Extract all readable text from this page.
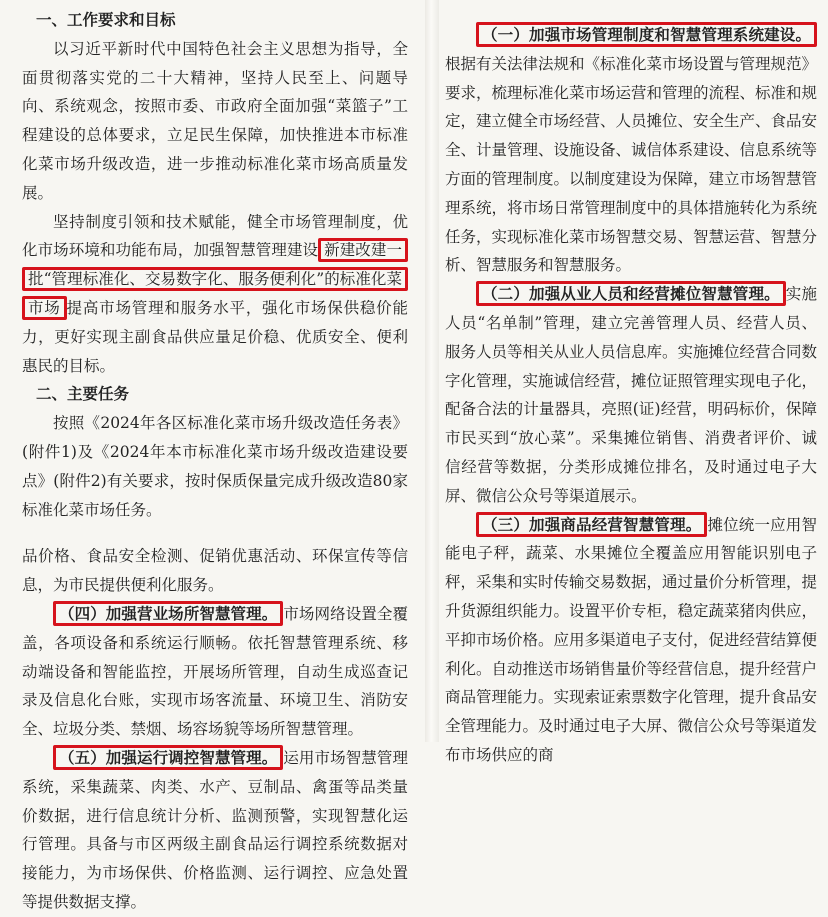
一、工作要求和目标

以习近平新时代中国特色社会主义思想为指导，全面贯彻落实党的二十大精神，坚持人民至上、问题导向、系统观念，按照市委、市政府全面加强“菜篮子”工程建设的总体要求，立足民生保障，加快推进本市标准化菜市场升级改造，进一步推动标准化菜市场高质量发展。

坚持制度引领和技术赋能，健全市场管理制度，优化市场环境和功能布局，加强智慧管理建设 新建改建一批“管理标准化、交易数字化、服务便利化”的标准化菜市场 提高市场管理和服务水平，强化市场保供稳价能力，更好实现主副食品供应量足价稳、优质安全、便利惠民的目标。

二、主要任务

按照《2024年各区标准化菜市场升级改造任务表》(附件1)及《2024年本市标准化菜市场升级改造建设要点》(附件2)有关要求，按时保质保量完成升级改造80家标准化菜市场任务。

品价格、食品安全检测、促销优惠活动、环保宣传等信息，为市民提供便利化服务。

（四）加强营业场所智慧管理。 市场网络设置全覆盖，各项设备和系统运行顺畅。依托智慧管理系统、移动端设备和智能监控，开展场所管理，自动生成巡查记录及信息化台账，实现市场客流量、环境卫生、消防安全、垃圾分类、禁烟、场容场貌等场所智慧管理。

（五）加强运行调控智慧管理。 运用市场智慧管理系统，采集蔬菜、肉类、水产、豆制品、禽蛋等品类量价数据，进行信息统计分析、监测预警，实现智慧化运行管理。具备与市区两级主副食品运行调控系统数据对接能力，为市场保供、价格监测、运行调控、应急处置等提供数据支撑。

（一）加强市场管理制度和智慧管理系统建设。根据有关法律法规和《标准化菜市场设置与管理规范》要求，梳理标准化菜市场运营和管理的流程、标准和规定，建立健全市场经营、人员摊位、安全生产、食品安全、计量管理、设施设备、诚信体系建设、信息系统等方面的管理制度。以制度建设为保障，建立市场智慧管理系统，将市场日常管理制度中的具体措施转化为系统任务，实现标准化菜市场智慧交易、智慧运营、智慧分析、智慧服务和智慧服务。

（二）加强从业人员和经营摊位智慧管理。 实施人员“名单制”管理，建立完善管理人员、经营人员、服务人员等相关从业人员信息库。实施摊位经营合同数字化管理，实施诚信经营，摊位证照管理实现电子化，配备合法的计量器具，亮照(证)经营，明码标价，保障市民买到“放心菜”。采集摊位销售、消费者评价、诚信经营等数据，分类形成摊位排名，及时通过电子大屏、微信公众号等渠道展示。

（三）加强商品经营智慧管理。 摊位统一应用智能电子秤，蔬菜、水果摊位全覆盖应用智能识别电子秤，采集和实时传输交易数据，通过量价分析管理，提升货源组织能力。设置平价专柜，稳定蔬菜猪肉供应，平抑市场价格。应用多渠道电子支付，促进经营结算便利化。自动推送市场销售量价等经营信息，提升经营户商品管理能力。实现索证索票数字化管理，提升食品安全管理能力。及时通过电子大屏、微信公众号等渠道发布市场供应的商
